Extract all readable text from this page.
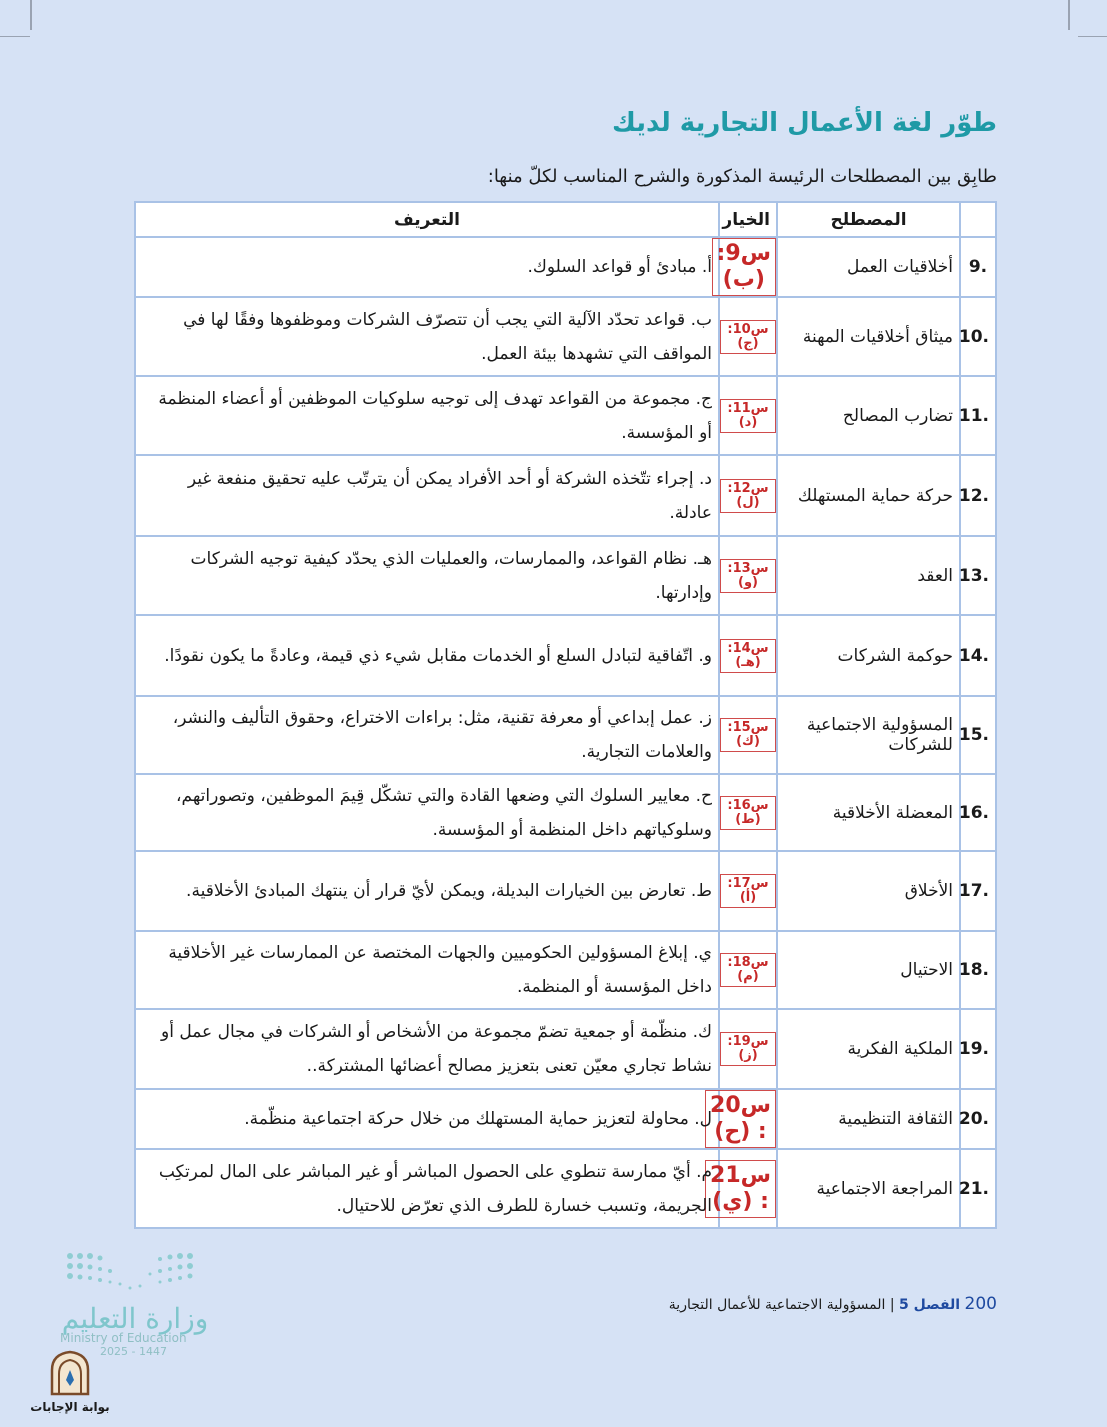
طوّر لغة الأعمال التجارية لديك
طابِق بين المصطلحات الرئيسة المذكورة والشرح المناسب لكلّ منها:
	المصطلح	الخيار	التعريف
9.	أخلاقيات العمل	س9: (ب)	أ. مبادئ أو قواعد السلوك.
10.	ميثاق أخلاقيات المهنة	س10: (ج)	ب. قواعد تحدّد الآلية التي يجب أن تتصرّف الشركات وموظفوها وفقًا لها في المواقف التي تشهدها بيئة العمل.
11.	تضارب المصالح	س11: (د)	ج. مجموعة من القواعد تهدف إلى توجيه سلوكيات الموظفين أو أعضاء المنظمة أو المؤسسة.
12.	حركة حماية المستهلك	س12: (ل)	د. إجراء تتّخذه الشركة أو أحد الأفراد يمكن أن يترتّب عليه تحقيق منفعة غير عادلة.
13.	العقد	س13: (و)	هـ. نظام القواعد، والممارسات، والعمليات الذي يحدّد كيفية توجيه الشركات وإدارتها.
14.	حوكمة الشركات	س14: (هـ)	و. اتّفاقية لتبادل السلع أو الخدمات مقابل شيء ذي قيمة، وعادةً ما يكون نقودًا.
15.	المسؤولية الاجتماعية للشركات	س15: (ك)	ز. عمل إبداعي أو معرفة تقنية، مثل: براءات الاختراع، وحقوق التأليف والنشر، والعلامات التجارية.
16.	المعضلة الأخلاقية	س16: (ط)	ح. معايير السلوك التي وضعها القادة والتي تشكّل قِيمَ الموظفين، وتصوراتهم، وسلوكياتهم داخل المنظمة أو المؤسسة.
17.	الأخلاق	س17: (أ)	ط. تعارض بين الخيارات البديلة، ويمكن لأيّ قرار أن ينتهك المبادئ الأخلاقية.
18.	الاحتيال	س18: (م)	ي. إبلاغ المسؤولين الحكوميين والجهات المختصة عن الممارسات غير الأخلاقية داخل المؤسسة أو المنظمة.
19.	الملكية الفكرية	س19: (ز)	ك. منظّمة أو جمعية تضمّ مجموعة من الأشخاص أو الشركات في مجال عمل أو نشاط تجاري معيّن تعنى بتعزيز مصالح أعضائها المشتركة..
20.	الثقافة التنظيمية	س20 : (ح)	ل. محاولة لتعزيز حماية المستهلك من خلال حركة اجتماعية منظّمة.
21.	المراجعة الاجتماعية	س21 : (ي)	م. أيّ ممارسة تنطوي على الحصول المباشر أو غير المباشر على المال لمرتكِب الجريمة، وتسبب خسارة للطرف الذي تعرّض للاحتيال.
200 الفصل 5 | المسؤولية الاجتماعية للأعمال التجارية
وزارة التعليم
Ministry of Education
2025 - 1447
بوابة الإجابات
